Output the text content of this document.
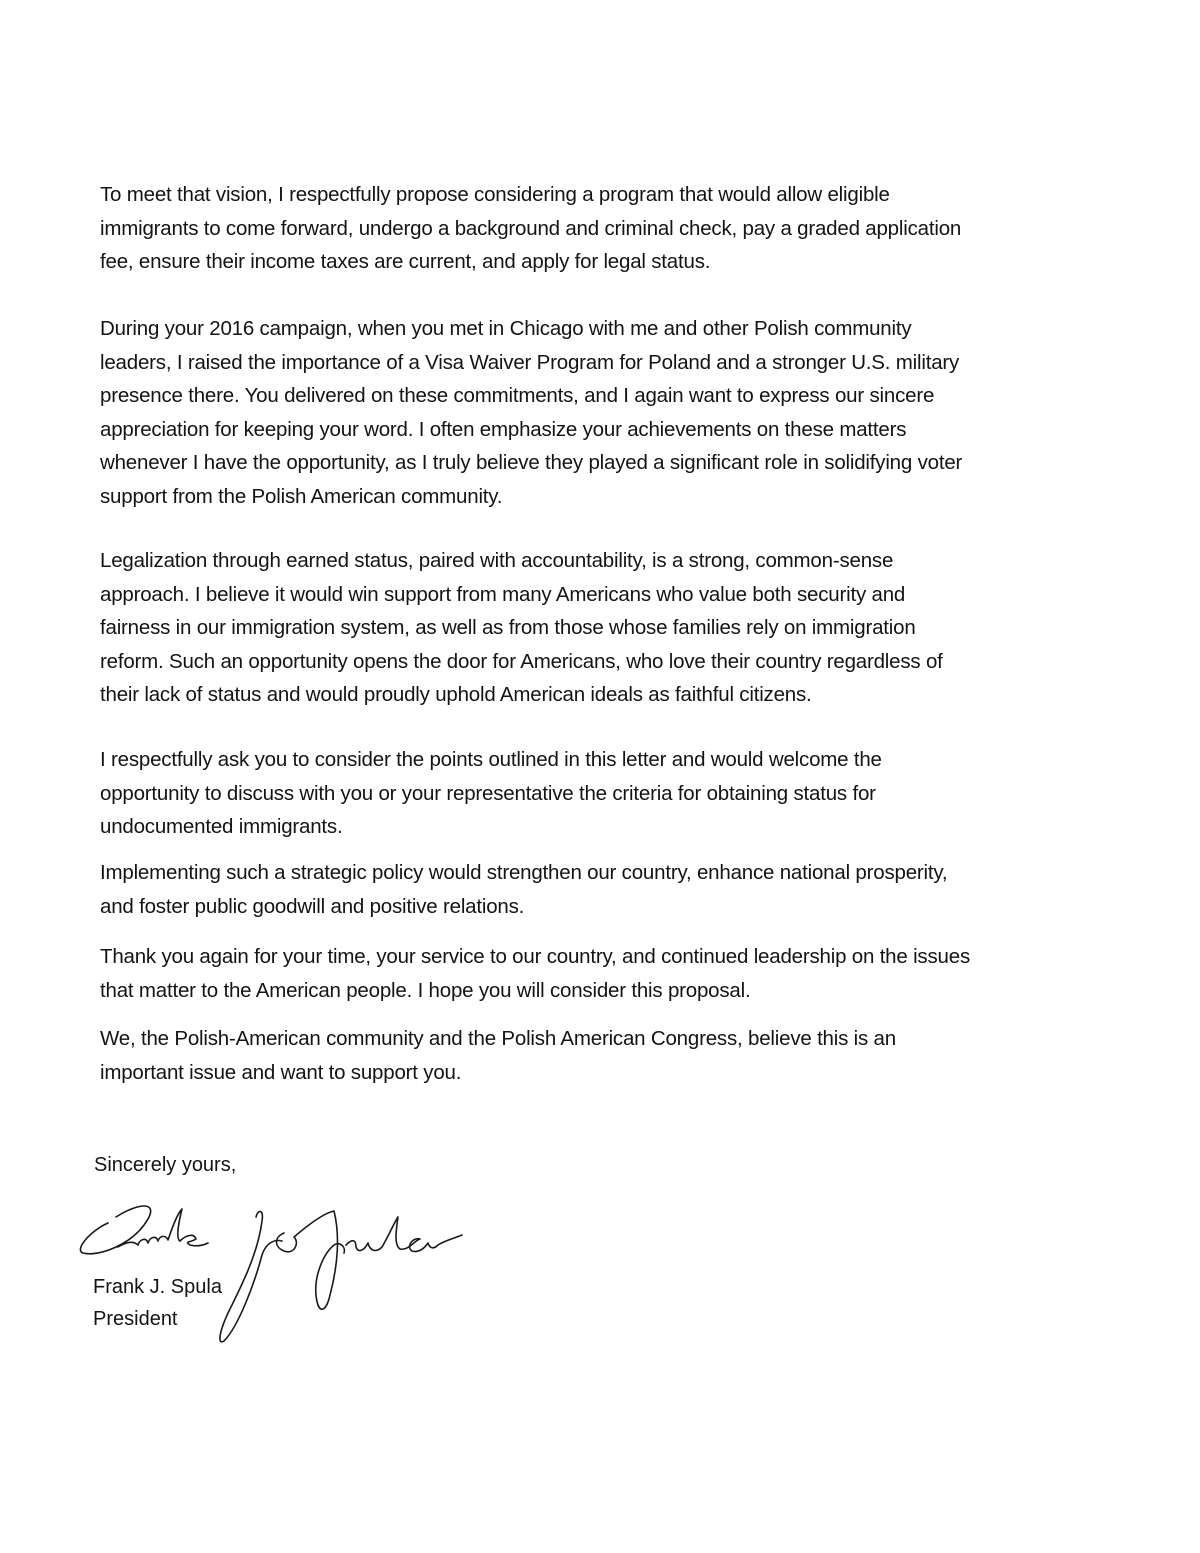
To meet that vision, I respectfully propose considering a program that would allow eligible
immigrants to come forward, undergo a background and criminal check, pay a graded application
fee, ensure their income taxes are current, and apply for legal status.
During your 2016 campaign, when you met in Chicago with me and other Polish community
leaders, I raised the importance of a Visa Waiver Program for Poland and a stronger U.S. military
presence there. You delivered on these commitments, and I again want to express our sincere
appreciation for keeping your word. I often emphasize your achievements on these matters
whenever I have the opportunity, as I truly believe they played a significant role in solidifying voter
support from the Polish American community.
Legalization through earned status, paired with accountability, is a strong, common-sense
approach. I believe it would win support from many Americans who value both security and
fairness in our immigration system, as well as from those whose families rely on immigration
reform. Such an opportunity opens the door for Americans, who love their country regardless of
their lack of status and would proudly uphold American ideals as faithful citizens.
I respectfully ask you to consider the points outlined in this letter and would welcome the
opportunity to discuss with you or your representative the criteria for obtaining status for
undocumented immigrants.
Implementing such a strategic policy would strengthen our country, enhance national prosperity,
and foster public goodwill and positive relations.
Thank you again for your time, your service to our country, and continued leadership on the issues
that matter to the American people. I hope you will consider this proposal.
We, the Polish-American community and the Polish American Congress, believe this is an
important issue and want to support you.
Sincerely yours,
Frank J. Spula
President
